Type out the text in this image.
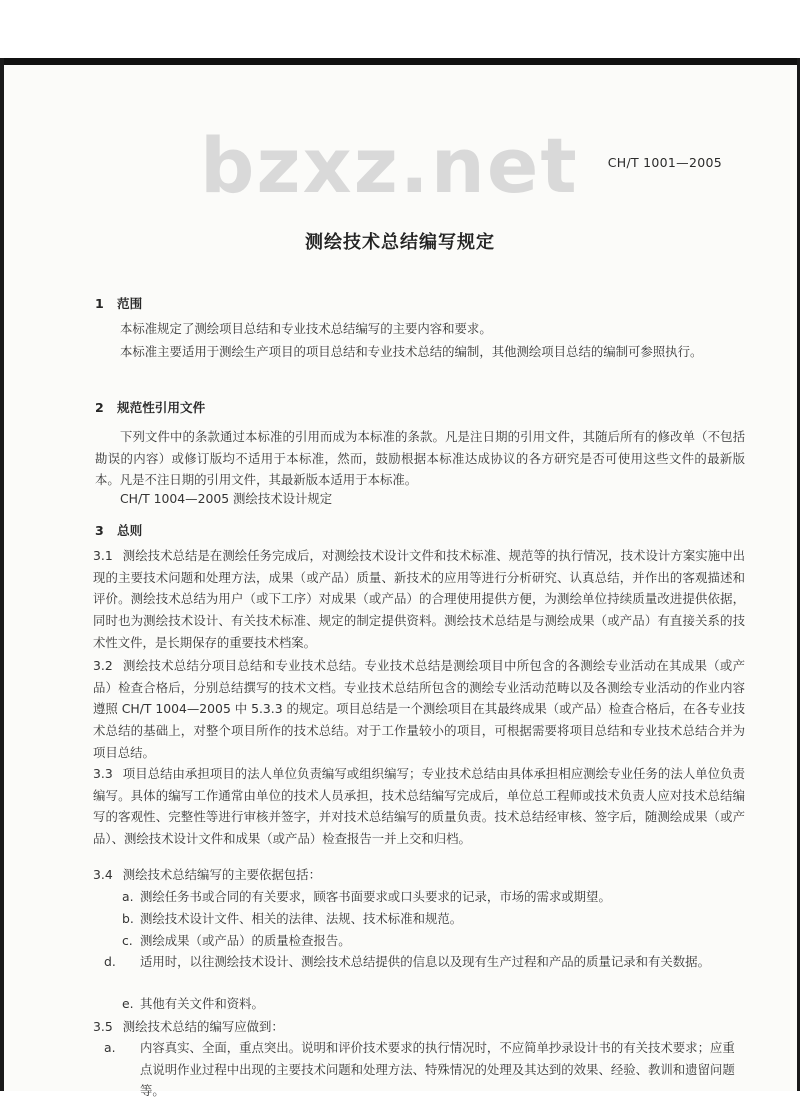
bzxz.net CH/T 1001—2005
测绘技术总结编写规定
1 范围
本标准规定了测绘项目总结和专业技术总结编写的主要内容和要求。
本标准主要适用于测绘生产项目的项目总结和专业技术总结的编制，其他测绘项目总结的编制可参照执行。
2 规范性引用文件
下列文件中的条款通过本标准的引用而成为本标准的条款。凡是注日期的引用文件，其随后所有的修改单（不包括勘误的内容）或修订版均不适用于本标准，然而，鼓励根据本标准达成协议的各方研究是否可使用这些文件的最新版本。凡是不注日期的引用文件，其最新版本适用于本标准。
CH/T 1004—2005 测绘技术设计规定
3 总则
3.1 测绘技术总结是在测绘任务完成后，对测绘技术设计文件和技术标准、规范等的执行情况，技术设计方案实施中出现的主要技术问题和处理方法，成果（或产品）质量、新技术的应用等进行分析研究、认真总结，并作出的客观描述和评价。测绘技术总结为用户（或下工序）对成果（或产品）的合理使用提供方便，为测绘单位持续质量改进提供依据，同时也为测绘技术设计、有关技术标准、规定的制定提供资料。测绘技术总结是与测绘成果（或产品）有直接关系的技术性文件，是长期保存的重要技术档案。
3.2 测绘技术总结分项目总结和专业技术总结。专业技术总结是测绘项目中所包含的各测绘专业活动在其成果（或产品）检查合格后，分别总结撰写的技术文档。专业技术总结所包含的测绘专业活动范畴以及各测绘专业活动的作业内容遵照 CH/T 1004—2005 中 5.3.3 的规定。项目总结是一个测绘项目在其最终成果（或产品）检查合格后，在各专业技术总结的基础上，对整个项目所作的技术总结。对于工作量较小的项目，可根据需要将项目总结和专业技术总结合并为项目总结。
3.3 项目总结由承担项目的法人单位负责编写或组织编写；专业技术总结由具体承担相应测绘专业任务的法人单位负责编写。具体的编写工作通常由单位的技术人员承担，技术总结编写完成后，单位总工程师或技术负责人应对技术总结编写的客观性、完整性等进行审核并签字，并对技术总结编写的质量负责。技术总结经审核、签字后，随测绘成果（或产品）、测绘技术设计文件和成果（或产品）检查报告一并上交和归档。
3.4 测绘技术总结编写的主要依据包括：
a. 测绘任务书或合同的有关要求，顾客书面要求或口头要求的记录，市场的需求或期望。
b. 测绘技术设计文件、相关的法律、法规、技术标准和规范。
c. 测绘成果（或产品）的质量检查报告。
d. 适用时，以往测绘技术设计、测绘技术总结提供的信息以及现有生产过程和产品的质量记录和有关数据。
e. 其他有关文件和资料。
3.5 测绘技术总结的编写应做到：
a. 内容真实、全面，重点突出。说明和评价技术要求的执行情况时，不应简单抄录设计书的有关技术要求；应重点说明作业过程中出现的主要技术问题和处理方法、特殊情况的处理及其达到的效果、经验、教训和遗留问题等。
